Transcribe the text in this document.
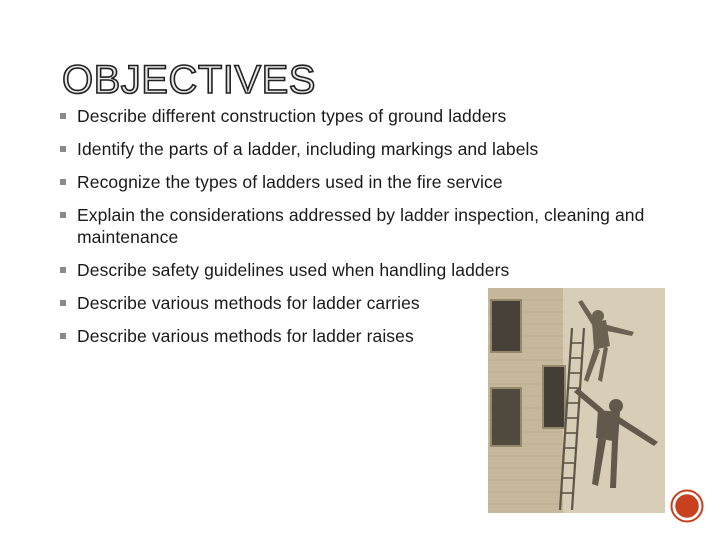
OBJECTIVES
Describe different construction types of ground ladders
Identify the parts of a ladder, including markings and labels
Recognize the types of ladders used in the fire service
Explain the considerations addressed by ladder inspection, cleaning and maintenance
Describe safety guidelines used when handling ladders
Describe various methods for ladder carries
Describe various methods for ladder raises
